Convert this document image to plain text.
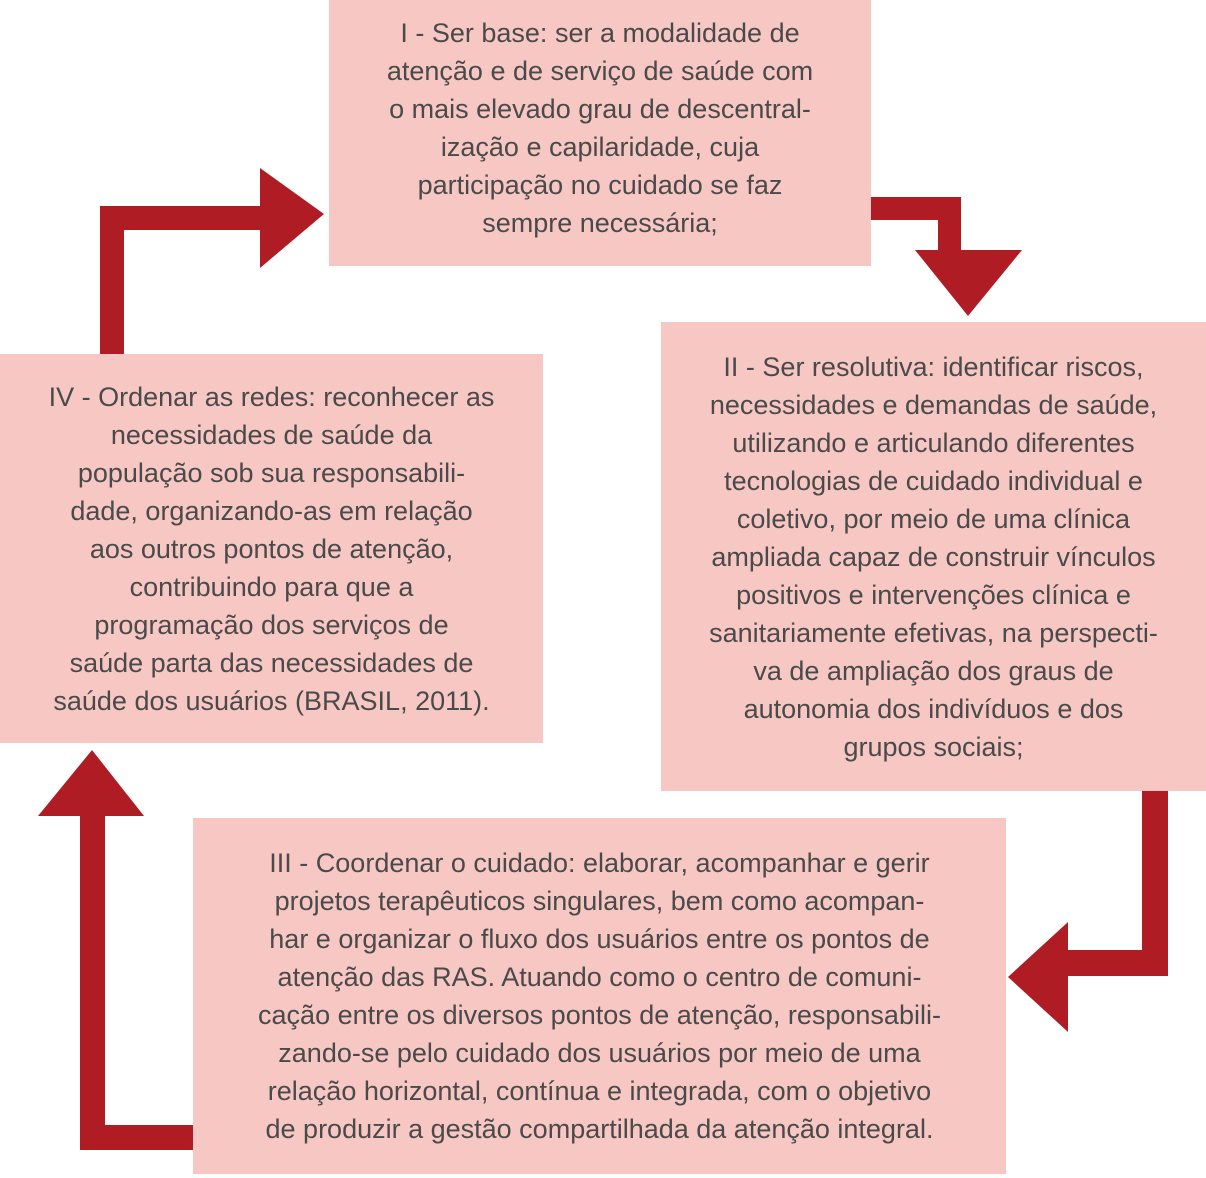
I - Ser base: ser a modalidade de
atenção e de serviço de saúde com
o mais elevado grau de descentral-
ização e capilaridade, cuja
participação no cuidado se faz
sempre necessária;
II - Ser resolutiva: identificar riscos,
necessidades e demandas de saúde,
utilizando e articulando diferentes
tecnologias de cuidado individual e
coletivo, por meio de uma clínica
ampliada capaz de construir vínculos
positivos e intervenções clínica e
sanitariamente efetivas, na perspecti-
va de ampliação dos graus de
autonomia dos indivíduos e dos
grupos sociais;
III - Coordenar o cuidado: elaborar, acompanhar e gerir
projetos terapêuticos singulares, bem como acompan-
har e organizar o fluxo dos usuários entre os pontos de
atenção das RAS. Atuando como o centro de comuni-
cação entre os diversos pontos de atenção, responsabili-
zando-se pelo cuidado dos usuários por meio de uma
relação horizontal, contínua e integrada, com o objetivo
de produzir a gestão compartilhada da atenção integral.
IV - Ordenar as redes: reconhecer as
necessidades de saúde da
população sob sua responsabili-
dade, organizando-as em relação
aos outros pontos de atenção,
contribuindo para que a
programação dos serviços de
saúde parta das necessidades de
saúde dos usuários (BRASIL, 2011).
